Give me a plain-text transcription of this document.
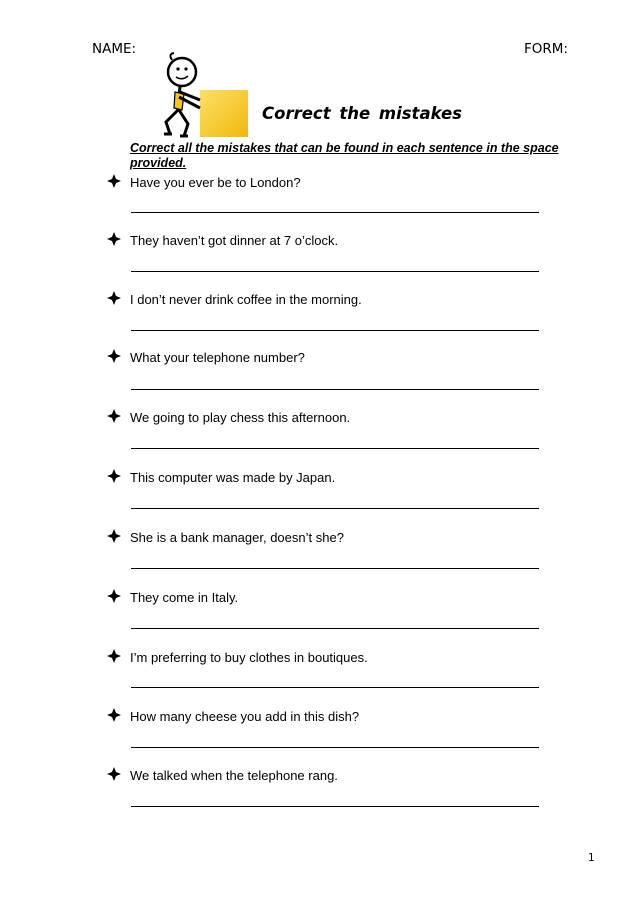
NAME:	FORM:
Correct the mistakes
Correct all the mistakes that can be found in each sentence in the space provided.
Have you ever be to London?
They haven’t got dinner at 7 o’clock.
I don’t never drink coffee in the morning.
What your telephone number?
We going to play chess this afternoon.
This computer was made by Japan.
She is a bank manager, doesn’t she?
They come in Italy.
I’m preferring to buy clothes in boutiques.
How many cheese you add in this dish?
We talked when the telephone rang.
1
